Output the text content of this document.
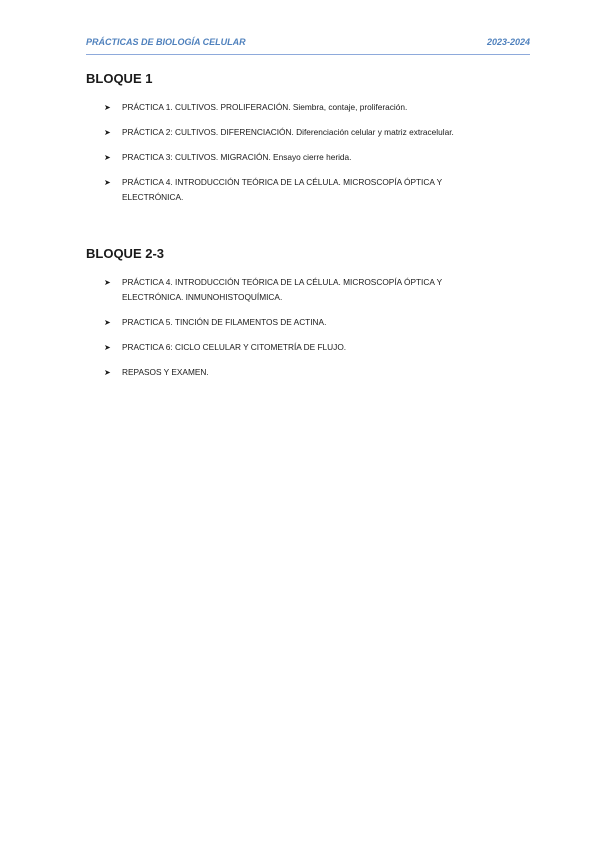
PRÁCTICAS DE BIOLOGÍA CELULAR	2023-2024
BLOQUE 1
➤	PRÁCTICA 1. CULTIVOS. PROLIFERACIÓN. Siembra, contaje, proliferación.
➤	PRÁCTICA 2: CULTIVOS. DIFERENCIACIÓN. Diferenciación celular y matriz extracelular.
➤	PRACTICA 3: CULTIVOS. MIGRACIÓN. Ensayo cierre herida.
➤	PRÁCTICA 4. INTRODUCCIÓN TEÓRICA DE LA CÉLULA. MICROSCOPÍA ÓPTICA Y ELECTRÓNICA.
BLOQUE 2-3
➤	PRÁCTICA 4. INTRODUCCIÓN TEÓRICA DE LA CÉLULA. MICROSCOPÍA ÓPTICA Y ELECTRÓNICA. INMUNOHISTOQUÍMICA.
➤	PRACTICA 5. TINCIÓN DE FILAMENTOS DE ACTINA.
➤	PRACTICA 6: CICLO CELULAR Y CITOMETRÍA DE FLUJO.
➤	REPASOS Y EXAMEN.
